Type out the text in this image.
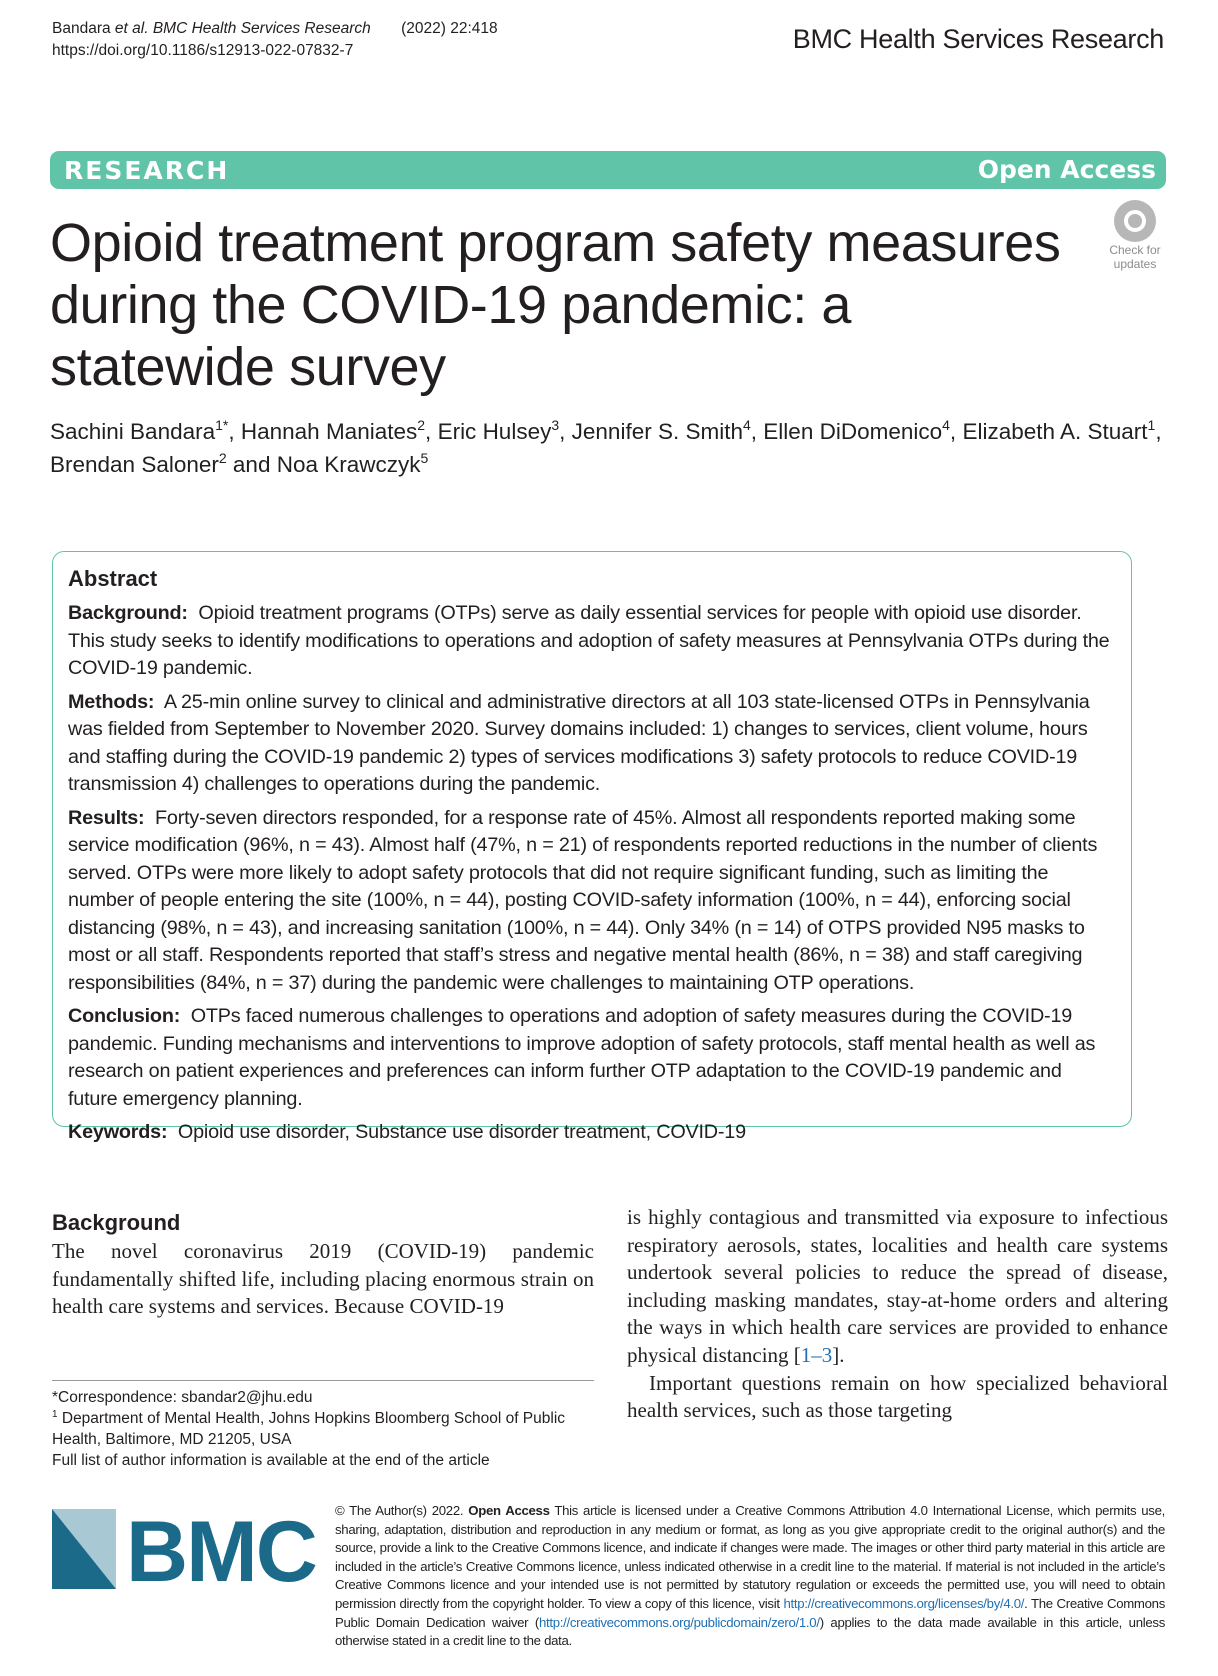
Bandara et al. BMC Health Services Research (2022) 22:418
https://doi.org/10.1186/s12913-022-07832-7	BMC Health Services Research
RESEARCH	Open Access
Check for
updates
Opioid treatment program safety measures during the COVID-19 pandemic: a statewide survey
Sachini Bandara$^{1*}$, Hannah Maniates$^2$, Eric Hulsey$^3$, Jennifer S. Smith$^4$, Ellen DiDomenico$^4$, Elizabeth A. Stuart$^1$, Brendan Saloner$^2$ and Noa Krawczyk$^5$
Abstract

Background: Opioid treatment programs (OTPs) serve as daily essential services for people with opioid use disorder. This study seeks to identify modifications to operations and adoption of safety measures at Pennsylvania OTPs during the COVID-19 pandemic.

Methods: A 25-min online survey to clinical and administrative directors at all 103 state-licensed OTPs in Pennsylvania was fielded from September to November 2020. Survey domains included: 1) changes to services, client volume, hours and staffing during the COVID-19 pandemic 2) types of services modifications 3) safety protocols to reduce COVID-19 transmission 4) challenges to operations during the pandemic.

Results: Forty-seven directors responded, for a response rate of 45%. Almost all respondents reported making some service modification (96%, n = 43). Almost half (47%, n = 21) of respondents reported reductions in the number of clients served. OTPs were more likely to adopt safety protocols that did not require significant funding, such as limiting the number of people entering the site (100%, n = 44), posting COVID-safety information (100%, n = 44), enforcing social distancing (98%, n = 43), and increasing sanitation (100%, n = 44). Only 34% (n = 14) of OTPS provided N95 masks to most or all staff. Respondents reported that staff’s stress and negative mental health (86%, n = 38) and staff caregiving responsibilities (84%, n = 37) during the pandemic were challenges to maintaining OTP operations.

Conclusion: OTPs faced numerous challenges to operations and adoption of safety measures during the COVID-19 pandemic. Funding mechanisms and interventions to improve adoption of safety protocols, staff mental health as well as research on patient experiences and preferences can inform further OTP adaptation to the COVID-19 pandemic and future emergency planning.

Keywords: Opioid use disorder, Substance use disorder treatment, COVID-19

Background

The novel coronavirus 2019 (COVID-19) pandemic fundamentally shifted life, including placing enormous strain on health care systems and services. Because COVID-19

is highly contagious and transmitted via exposure to infectious respiratory aerosols, states, localities and health care systems undertook several policies to reduce the spread of disease, including masking mandates, stay-at-home orders and altering the ways in which health care services are provided to enhance physical distancing [1–3].

Important questions remain on how specialized behavioral health services, such as those targeting

*Correspondence: sbandar2@jhu.edu
$^1$ Department of Mental Health, Johns Hopkins Bloomberg School of Public Health, Baltimore, MD 21205, USA
Full list of author information is available at the end of the article
BMC © The Author(s) 2022. Open Access This article is licensed under a Creative Commons Attribution 4.0 International License, which permits use, sharing, adaptation, distribution and reproduction in any medium or format, as long as you give appropriate credit to the original author(s) and the source, provide a link to the Creative Commons licence, and indicate if changes were made. The images or other third party material in this article are included in the article’s Creative Commons licence, unless indicated otherwise in a credit line to the material. If material is not included in the article’s Creative Commons licence and your intended use is not permitted by statutory regulation or exceeds the permitted use, you will need to obtain permission directly from the copyright holder. To view a copy of this licence, visit http://creativecommons.org/licenses/by/4.0/. The Creative Commons Public Domain Dedication waiver (http://creativecommons.org/publicdomain/zero/1.0/) applies to the data made available in this article, unless otherwise stated in a credit line to the data.
